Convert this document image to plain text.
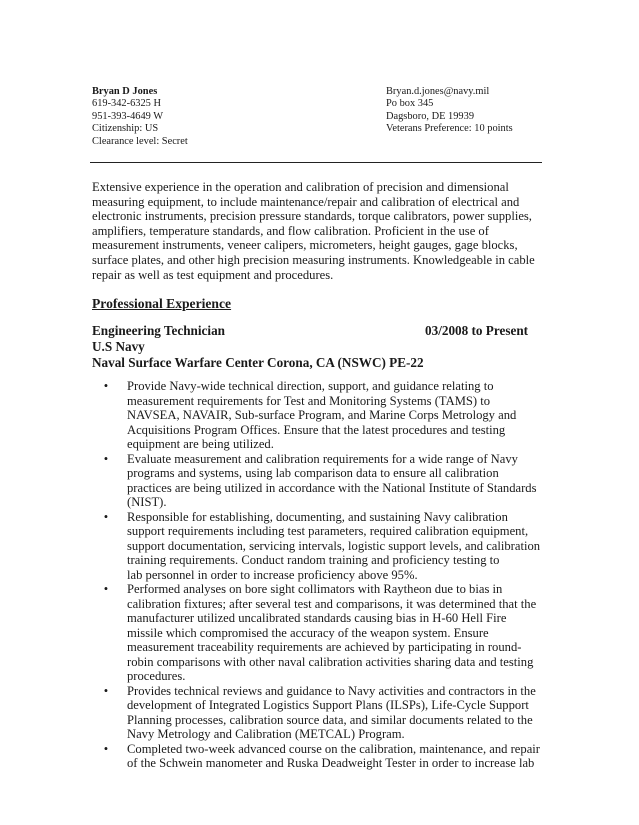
Bryan D Jones
619-342-6325 H
951-393-4649 W
Citizenship: US
Clearance level: Secret
Bryan.d.jones@navy.mil
Po box 345
Dagsboro, DE 19939
Veterans Preference: 10 points
Extensive experience in the operation and calibration of precision and dimensional
measuring equipment, to include maintenance/repair and calibration of electrical and
electronic instruments, precision pressure standards, torque calibrators, power supplies,
amplifiers, temperature standards, and flow calibration. Proficient in the use of
measurement instruments, veneer calipers, micrometers, height gauges, gage blocks,
surface plates, and other high precision measuring instruments. Knowledgeable in cable
repair as well as test equipment and procedures.
Professional Experience
Engineering Technician	03/2008 to Present
U.S Navy
Naval Surface Warfare Center Corona, CA (NSWC) PE-22
•	Provide Navy-wide technical direction, support, and guidance relating to
measurement requirements for Test and Monitoring Systems (TAMS) to
NAVSEA, NAVAIR, Sub-surface Program, and Marine Corps Metrology and
Acquisitions Program Offices. Ensure that the latest procedures and testing
equipment are being utilized.
•	Evaluate measurement and calibration requirements for a wide range of Navy
programs and systems, using lab comparison data to ensure all calibration
practices are being utilized in accordance with the National Institute of Standards
(NIST).
•	Responsible for establishing, documenting, and sustaining Navy calibration
support requirements including test parameters, required calibration equipment,
support documentation, servicing intervals, logistic support levels, and calibration
training requirements. Conduct random training and proficiency testing to
lab personnel in order to increase proficiency above 95%.
•	Performed analyses on bore sight collimators with Raytheon due to bias in
calibration fixtures; after several test and comparisons, it was determined that the
manufacturer utilized uncalibrated standards causing bias in H-60 Hell Fire
missile which compromised the accuracy of the weapon system. Ensure
measurement traceability requirements are achieved by participating in round-
robin comparisons with other naval calibration activities sharing data and testing
procedures.
•	Provides technical reviews and guidance to Navy activities and contractors in the
development of Integrated Logistics Support Plans (ILSPs), Life-Cycle Support
Planning processes, calibration source data, and similar documents related to the
Navy Metrology and Calibration (METCAL) Program.
•	Completed two-week advanced course on the calibration, maintenance, and repair
of the Schwein manometer and Ruska Deadweight Tester in order to increase lab
